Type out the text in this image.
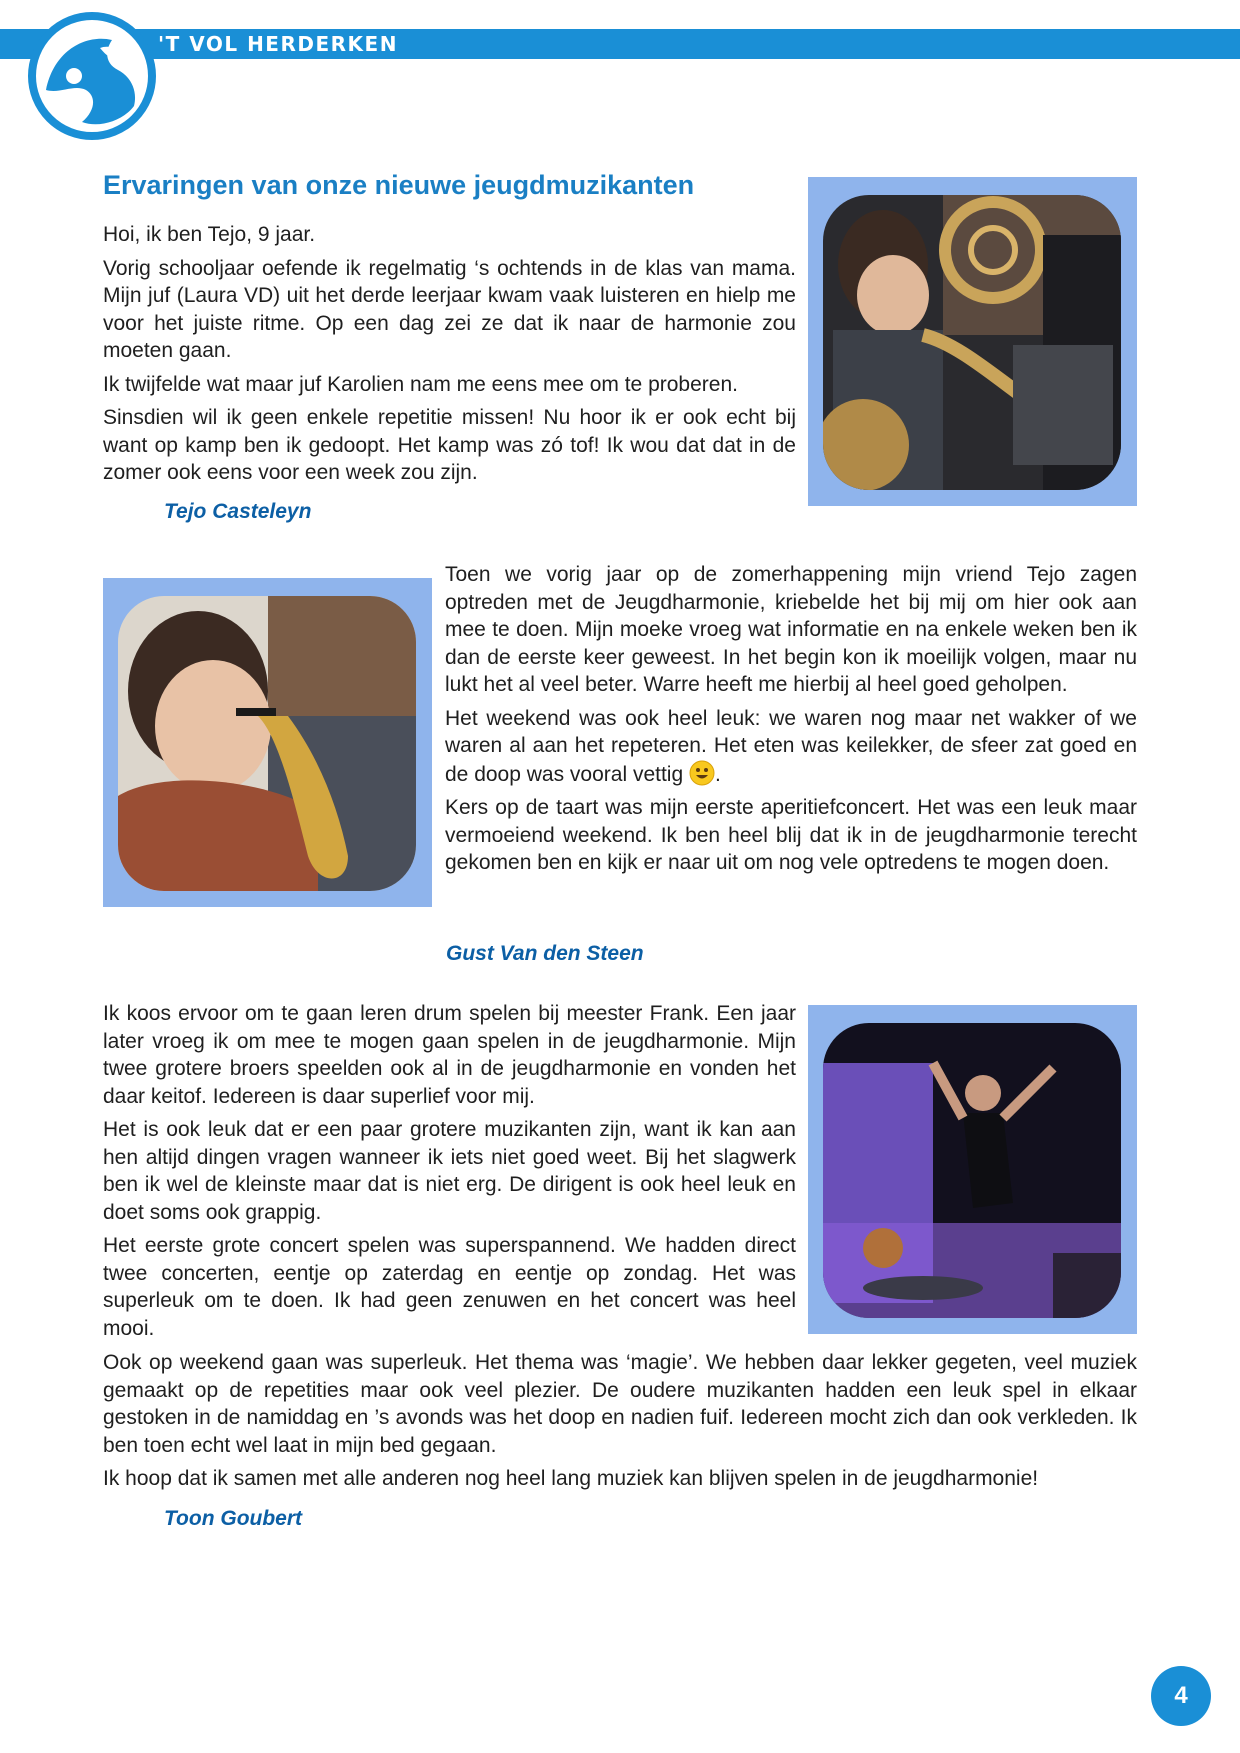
'T VOL HERDERKEN
Ervaringen van onze nieuwe jeugdmuzikanten

Hoi, ik ben Tejo, 9 jaar.

Vorig schooljaar oefende ik regelmatig ‘s ochtends in de klas van mama. Mijn juf (Laura VD) uit het derde leerjaar kwam vaak luisteren en hielp me voor het juiste ritme. Op een dag zei ze dat ik naar de harmonie zou moeten gaan.

Ik twijfelde wat maar juf Karolien nam me eens mee om te proberen.

Sinsdien wil ik geen enkele repetitie missen! Nu hoor ik er ook echt bij want op kamp ben ik gedoopt. Het kamp was zó tof! Ik wou dat dat in de zomer ook eens voor een week zou zijn.

Tejo Casteleyn

Toen we vorig jaar op de zomerhappening mijn vriend Tejo zagen optreden met de Jeugdharmonie, kriebelde het bij mij om hier ook aan mee te doen. Mijn moeke vroeg wat informatie en na enkele weken ben ik dan de eerste keer geweest. In het begin kon ik moeilijk volgen, maar nu lukt het al veel beter. Warre heeft me hierbij al heel goed geholpen.

Het weekend was ook heel leuk: we waren nog maar net wakker of we waren al aan het repeteren. Het eten was keilekker, de sfeer zat goed en de doop was vooral vettig .

Kers op de taart was mijn eerste aperitiefconcert. Het was een leuk maar vermoeiend weekend. Ik ben heel blij dat ik in de jeugdharmonie terecht gekomen ben en kijk er naar uit om nog vele optredens te mogen doen.

Gust Van den Steen

Ik koos ervoor om te gaan leren drum spelen bij meester Frank. Een jaar later vroeg ik om mee te mogen gaan spelen in de jeugdharmonie. Mijn twee grotere broers speelden ook al in de jeugdharmonie en vonden het daar keitof. Iedereen is daar superlief voor mij.

Het is ook leuk dat er een paar grotere muzikanten zijn, want ik kan aan hen altijd dingen vragen wanneer ik iets niet goed weet. Bij het slagwerk ben ik wel de kleinste maar dat is niet erg. De dirigent is ook heel leuk en doet soms ook grappig.

Het eerste grote concert spelen was superspannend. We hadden direct twee concerten, eentje op zaterdag en eentje op zondag. Het was superleuk om te doen. Ik had geen zenuwen en het concert was heel mooi.

Ook op weekend gaan was superleuk. Het thema was ‘magie’. We hebben daar lekker gegeten, veel muziek gemaakt op de repetities maar ook veel plezier. De oudere muzikanten hadden een leuk spel in elkaar gestoken in de namiddag en ’s avonds was het doop en nadien fuif. Iedereen mocht zich dan ook verkleden. Ik ben toen echt wel laat in mijn bed gegaan.

Ik hoop dat ik samen met alle anderen nog heel lang muziek kan blijven spelen in de jeugdharmonie!

Toon Goubert
4
